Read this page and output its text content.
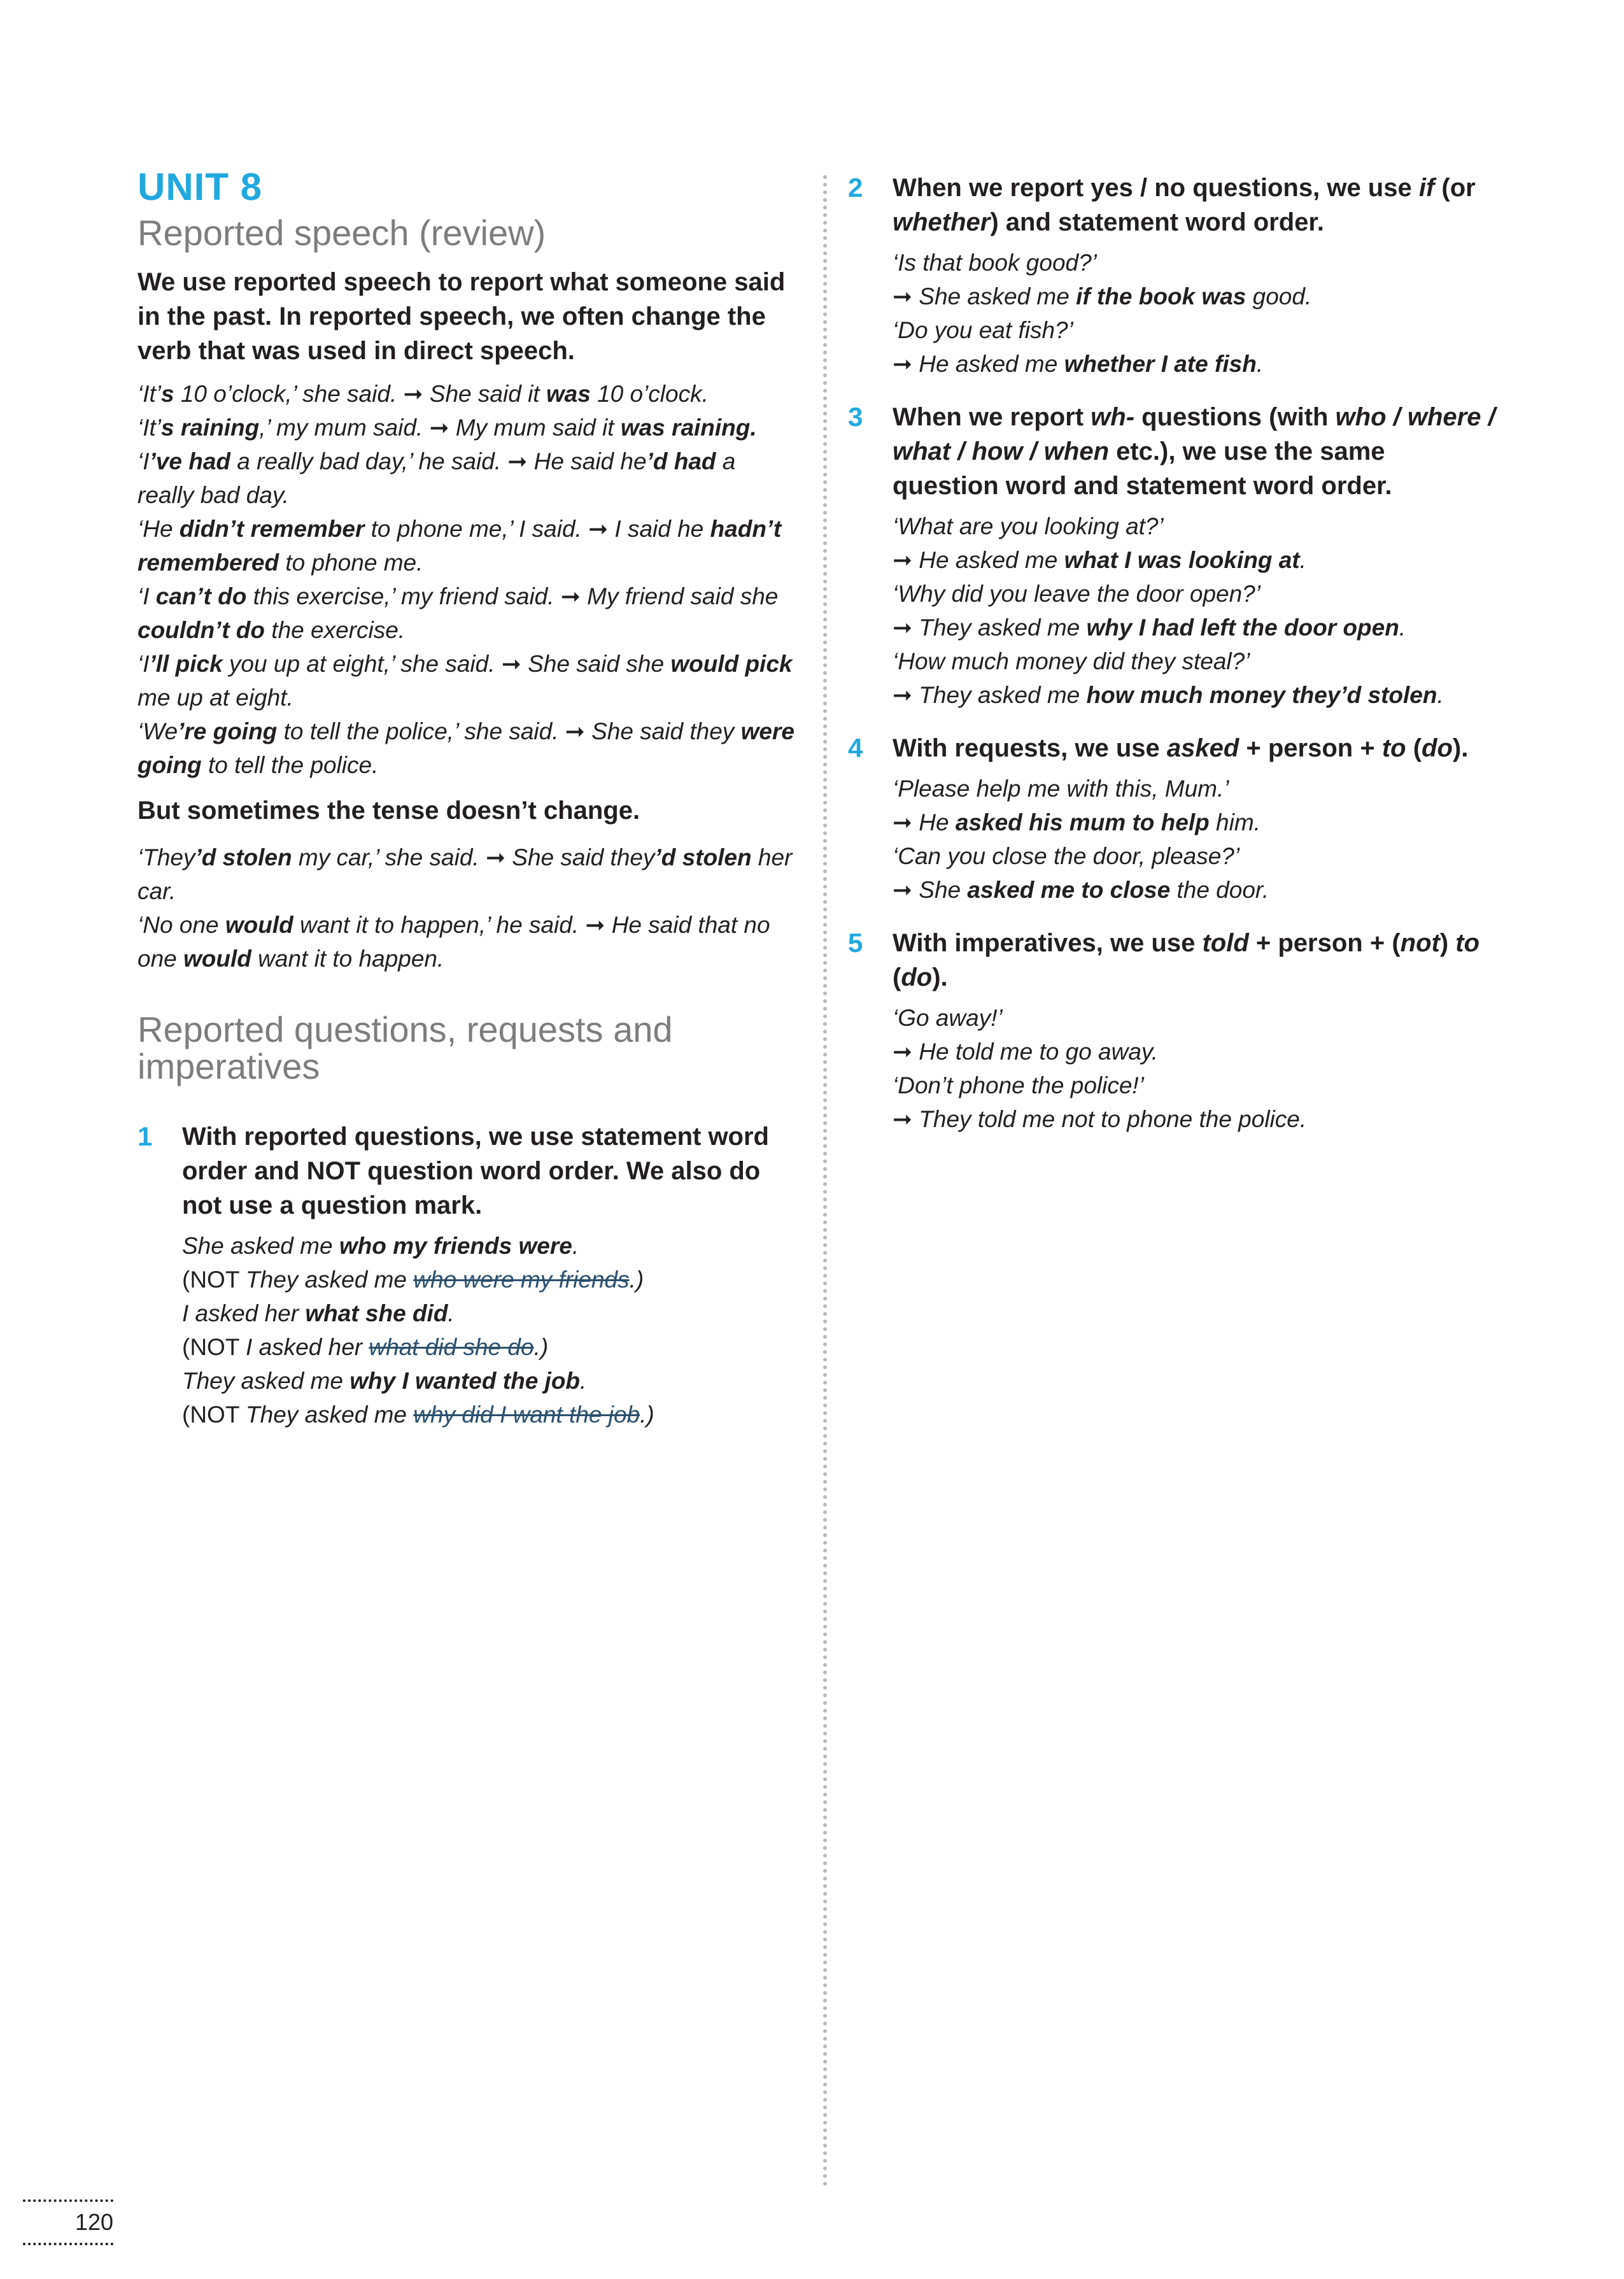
UNIT 8
Reported speech (review)

We use reported speech to report what someone said in the past. In reported speech, we often change the verb that was used in direct speech.

‘It’s 10 o’clock,’ she said. ➞ She said it was 10 o’clock.

‘It’s raining,’ my mum said. ➞ My mum said it was raining.

‘I’ve had a really bad day,’ he said. ➞ He said he’d had a really bad day.

‘He didn’t remember to phone me,’ I said. ➞ I said he hadn’t remembered to phone me.

‘I can’t do this exercise,’ my friend said. ➞ My friend said she couldn’t do the exercise.

‘I’ll pick you up at eight,’ she said. ➞ She said she would pick me up at eight.

‘We’re going to tell the police,’ she said. ➞ She said they were going to tell the police.

But sometimes the tense doesn’t change.

‘They’d stolen my car,’ she said. ➞ She said they’d stolen her car.

‘No one would want it to happen,’ he said. ➞ He said that no one would want it to happen.

Reported questions, requests and imperatives
1 With reported questions, we use statement word order and NOT question word order. We also do not use a question mark.

She asked me who my friends were.

(NOT They asked me who were my friends.)

I asked her what she did.

(NOT I asked her what did she do.)

They asked me why I wanted the job.

(NOT They asked me why did I want the job.)

2 When we report yes / no questions, we use if (or whether) and statement word order.

‘Is that book good?’

➞ She asked me if the book was good.

‘Do you eat fish?’

➞ He asked me whether I ate fish.

3 When we report wh- questions (with who / where / what / how / when etc.), we use the same question word and statement word order.

‘What are you looking at?’

➞ He asked me what I was looking at.

‘Why did you leave the door open?’

➞ They asked me why I had left the door open.

‘How much money did they steal?’

➞ They asked me how much money they’d stolen.

4 With requests, we use asked + person + to (do).

‘Please help me with this, Mum.’

➞ He asked his mum to help him.

‘Can you close the door, please?’

➞ She asked me to close the door.

5 With imperatives, we use told + person + (not) to (do).

‘Go away!’

➞ He told me to go away.

‘Don’t phone the police!’

➞ They told me not to phone the police.

120
